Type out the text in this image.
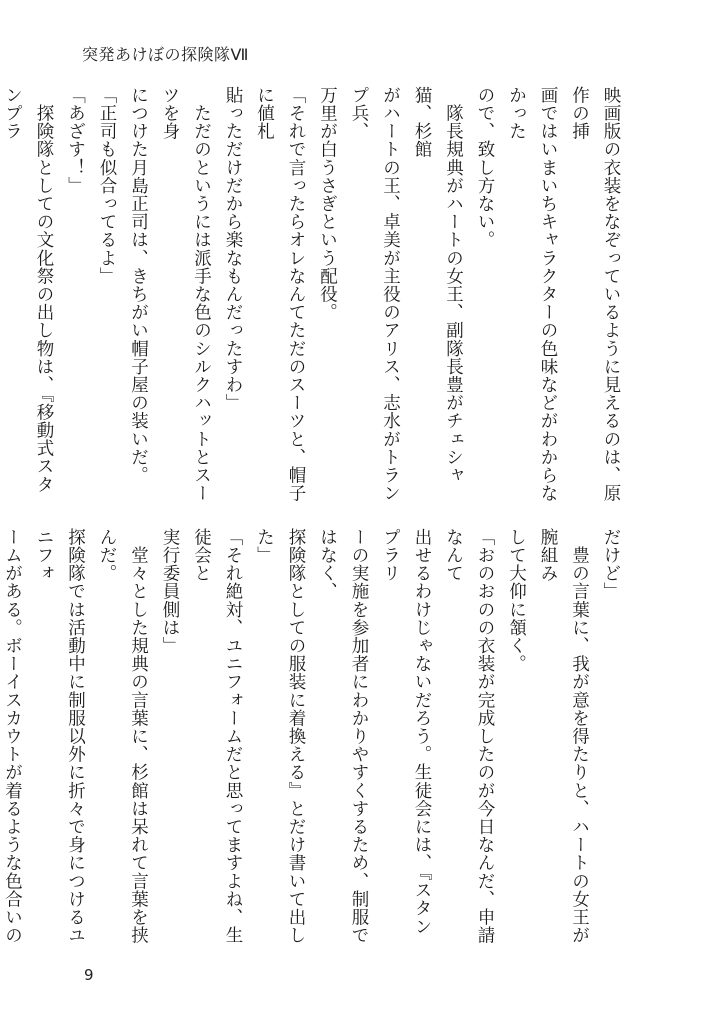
突発あけぼの探険隊Ⅶ
映画版の衣装をなぞっているように見えるのは、原作の挿
画ではいまいちキャラクターの色味などがわからなかった
ので、致し方ない。
　隊長規典がハートの女王、副隊長豊がチェシャ猫、杉館
がハートの王、卓美が主役のアリス、志水がトランプ兵、
万里が白うさぎという配役。
「それで言ったらオレなんてただのスーツと、帽子に値札
貼っただけだから楽なもんだったすわ」
　ただのというには派手な色のシルクハットとスーツを身
につけた月島正司は、きちがい帽子屋の装いだ。
「正司も似合ってるよ」
「あざす！」
　探険隊としての文化祭の出し物は、『移動式スタンプラ
だけど」
　豊の言葉に、我が意を得たりと、ハートの女王が腕組み
して大仰に頷く。
「おのおのの衣装が完成したのが今日なんだ、申請なんて
出せるわけじゃないだろう。生徒会には、『スタンプラリ
ーの実施を参加者にわかりやすくするため、制服ではなく、
探険隊としての服装に着換える』とだけ書いて出した」
「それ絶対、ユニフォームだと思ってますよね、生徒会と
実行委員側は」
　堂々とした規典の言葉に、杉館は呆れて言葉を挟んだ。
探険隊では活動中に制服以外に折々で身につけるユニフォ
ームがある。ボーイスカウトが着るような色合いの
9
